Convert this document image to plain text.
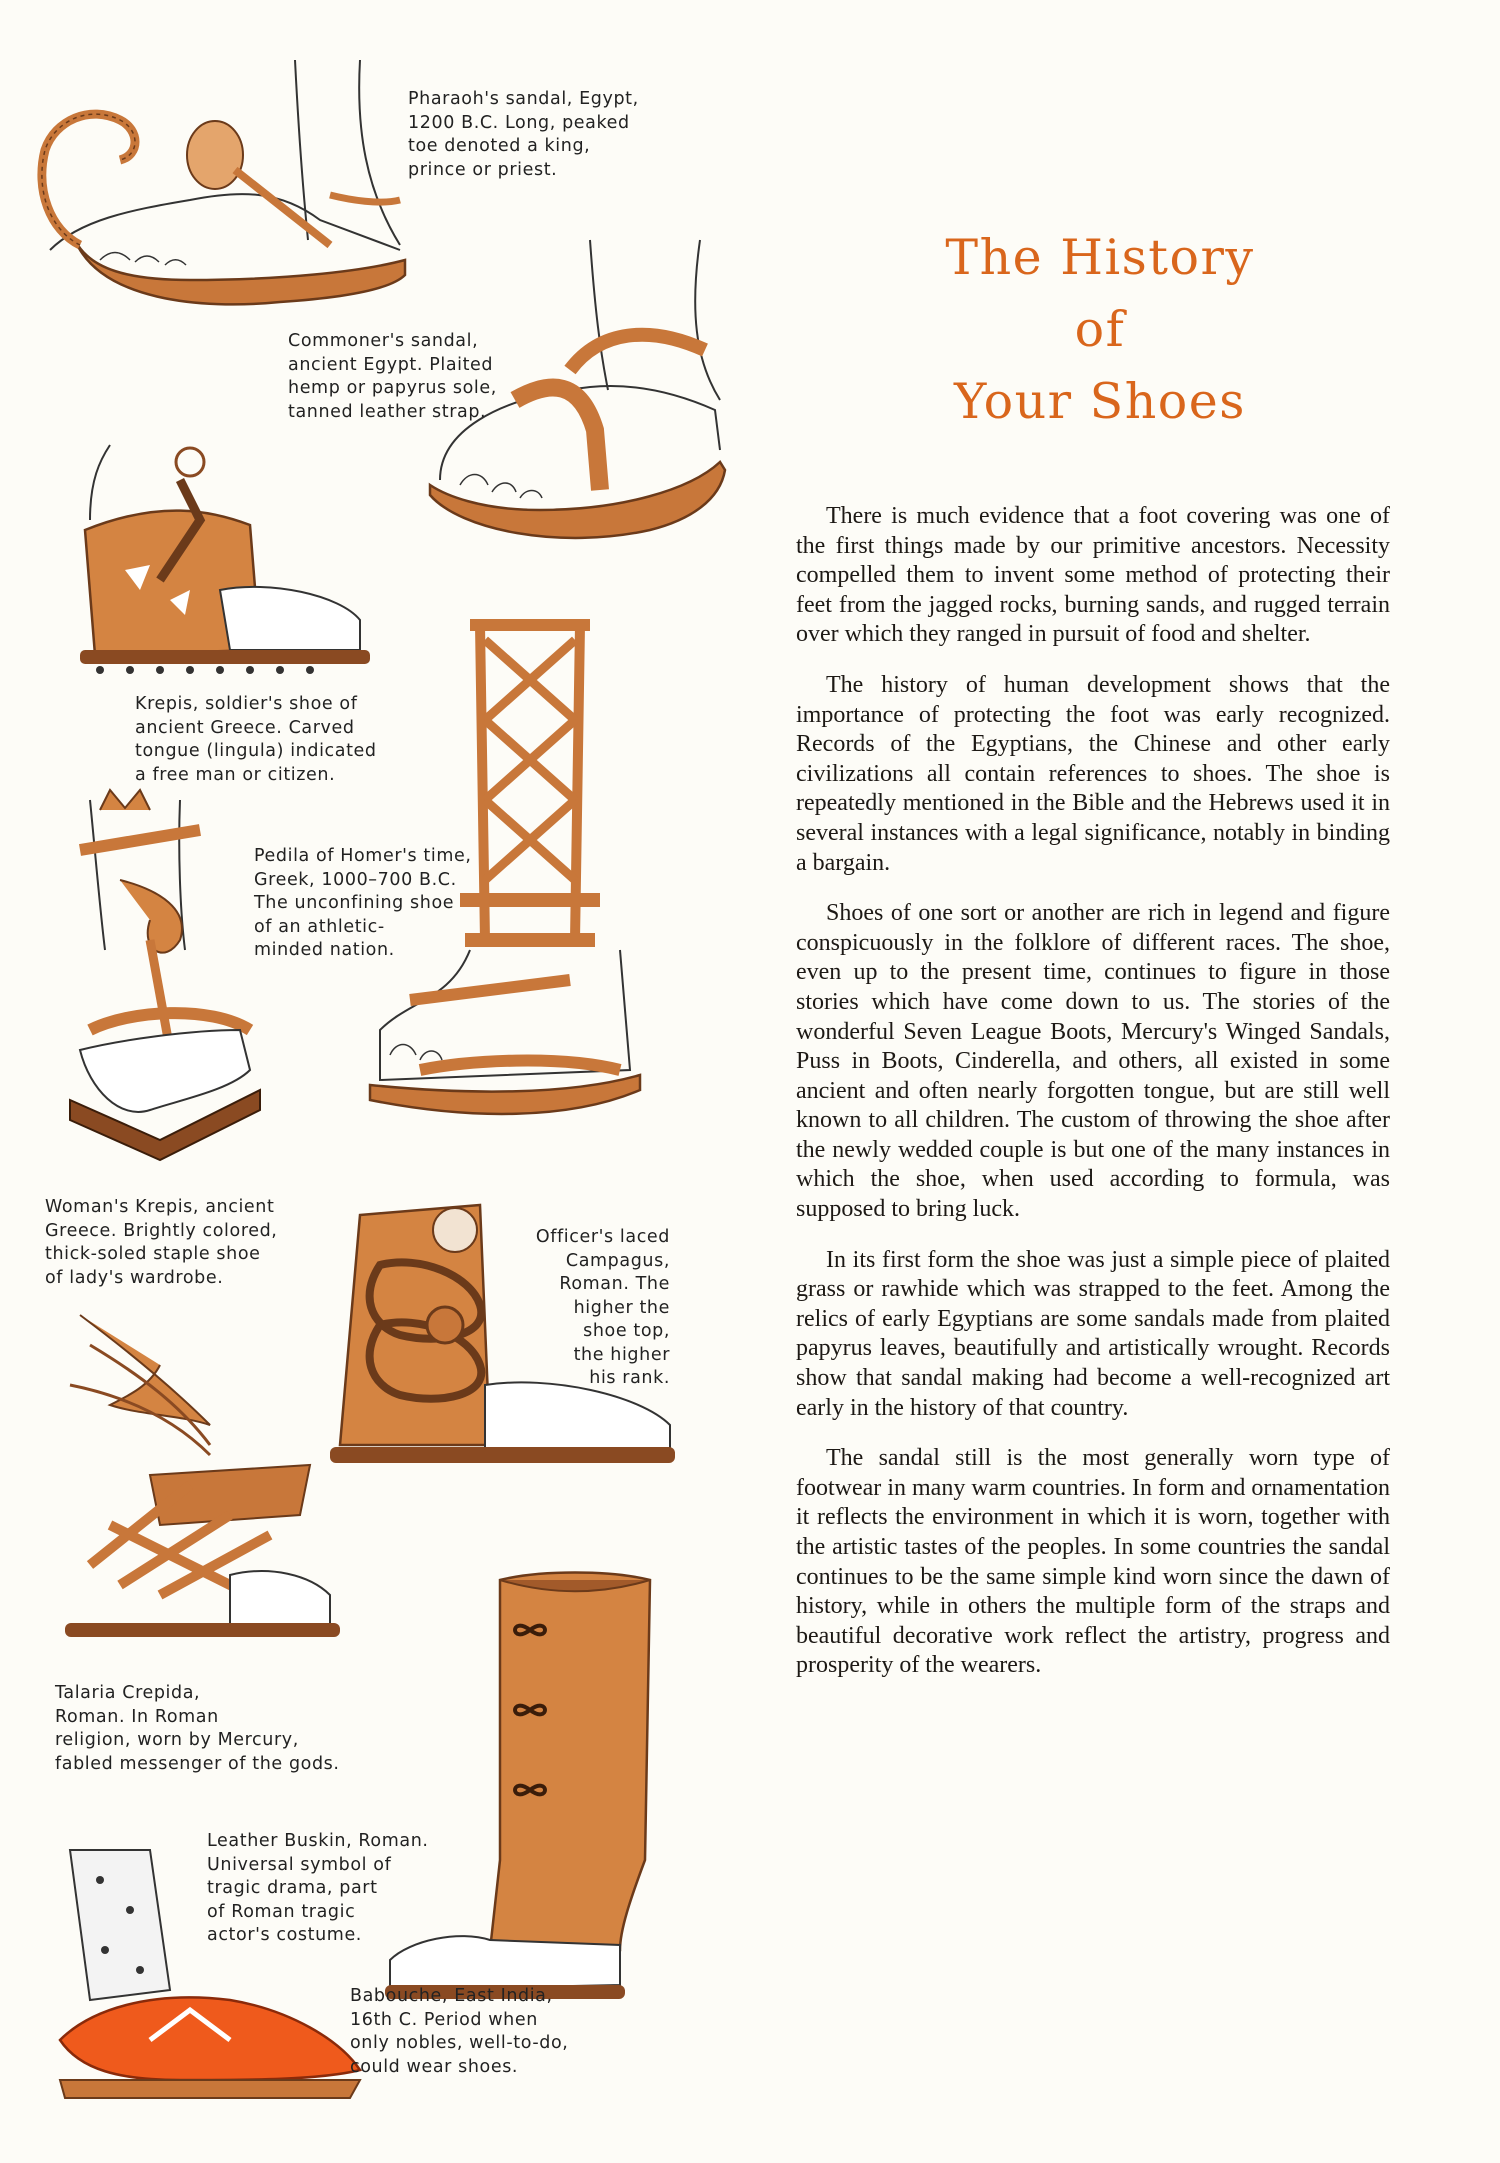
Pharaoh's sandal, Egypt,
1200 B.C. Long, peaked
toe denoted a king,
prince or priest.

Commoner's sandal,
ancient Egypt. Plaited
hemp or papyrus sole,
tanned leather strap.

Krepis, soldier's shoe of
ancient Greece. Carved
tongue (lingula) indicated
a free man or citizen.

Pedila of Homer's time,
Greek, 1000–700 B.C.
The unconfining shoe
of an athletic-
minded nation.

Woman's Krepis, ancient
Greece. Brightly colored,
thick-soled staple shoe
of lady's wardrobe.

Officer's laced
Campagus,
Roman. The
higher the
shoe top,
the higher
his rank.

Talaria Crepida,
Roman. In Roman
religion, worn by Mercury,
fabled messenger of the gods.

Leather Buskin, Roman.
Universal symbol of
tragic drama, part
of Roman tragic
actor's costume.

Babouche, East India,
16th C. Period when
only nobles, well-to-do,
could wear shoes.

The History
of
Your Shoes

There is much evidence that a foot covering was one of the first things made by our primitive ancestors. Necessity compelled them to invent some method of protecting their feet from the jagged rocks, burning sands, and rugged terrain over which they ranged in pursuit of food and shelter.

The history of human development shows that the importance of protecting the foot was early recognized. Records of the Egyptians, the Chinese and other early civilizations all contain references to shoes. The shoe is repeatedly mentioned in the Bible and the Hebrews used it in several instances with a legal significance, notably in binding a bargain.

Shoes of one sort or another are rich in legend and figure conspicuously in the folklore of different races. The shoe, even up to the present time, continues to figure in those stories which have come down to us. The stories of the wonderful Seven League Boots, Mercury's Winged Sandals, Puss in Boots, Cinderella, and others, all existed in some ancient and often nearly forgotten tongue, but are still well known to all children. The custom of throwing the shoe after the newly wedded couple is but one of the many instances in which the shoe, when used according to formula, was supposed to bring luck.

In its first form the shoe was just a simple piece of plaited grass or rawhide which was strapped to the feet. Among the relics of early Egyptians are some sandals made from plaited papyrus leaves, beautifully and artistically wrought. Records show that sandal making had become a well-recognized art early in the history of that country.

The sandal still is the most generally worn type of footwear in many warm countries. In form and ornamentation it reflects the environment in which it is worn, together with the artistic tastes of the peoples. In some countries the sandal continues to be the same simple kind worn since the dawn of history, while in others the multiple form of the straps and beautiful decorative work reflect the artistry, progress and prosperity of the wearers.
